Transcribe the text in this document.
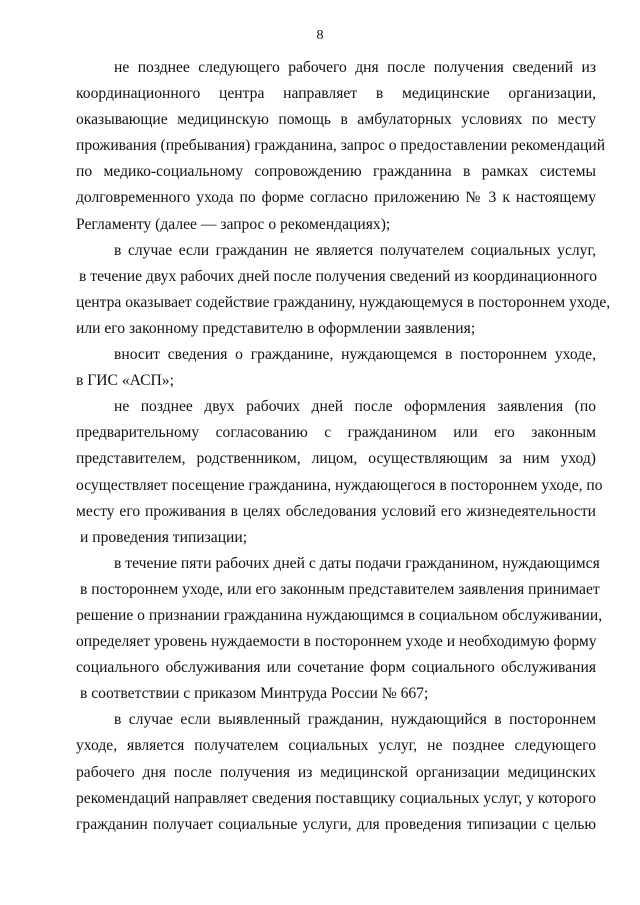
8
не позднее следующего рабочего дня после получения сведений из
координационного центра направляет в медицинские организации,
оказывающие медицинскую помощь в амбулаторных условиях по месту
проживания (пребывания) гражданина, запрос о предоставлении рекомендаций
по медико-социальному сопровождению гражданина в рамках системы
долговременного ухода по форме согласно приложению № 3 к настоящему
Регламенту (далее — запрос о рекомендациях);
в случае если гражданин не является получателем социальных услуг,
в течение двух рабочих дней после получения сведений из координационного
центра оказывает содействие гражданину, нуждающемуся в постороннем уходе,
или его законному представителю в оформлении заявления;
вносит сведения о гражданине, нуждающемся в постороннем уходе,
в ГИС «АСП»;
не позднее двух рабочих дней после оформления заявления (по
предварительному согласованию с гражданином или его законным
представителем, родственником, лицом, осуществляющим за ним уход)
осуществляет посещение гражданина, нуждающегося в постороннем уходе, по
месту его проживания в целях обследования условий его жизнедеятельности
и проведения типизации;
в течение пяти рабочих дней с даты подачи гражданином, нуждающимся
в постороннем уходе, или его законным представителем заявления принимает
решение о признании гражданина нуждающимся в социальном обслуживании,
определяет уровень нуждаемости в постороннем уходе и необходимую форму
социального обслуживания или сочетание форм социального обслуживания
в соответствии с приказом Минтруда России № 667;
в случае если выявленный гражданин, нуждающийся в постороннем
уходе, является получателем социальных услуг, не позднее следующего
рабочего дня после получения из медицинской организации медицинских
рекомендаций направляет сведения поставщику социальных услуг, у которого
гражданин получает социальные услуги, для проведения типизации с целью
